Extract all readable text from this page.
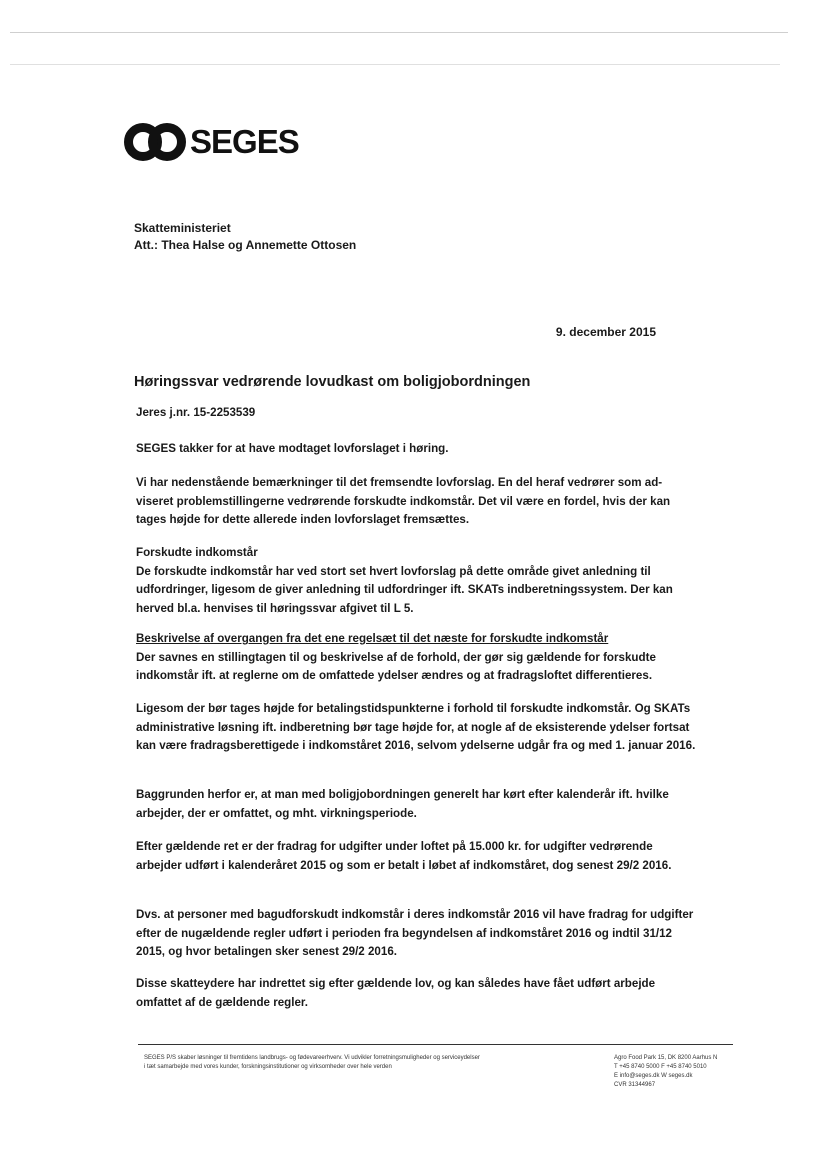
SEGES
Skatteministeriet
Att.: Thea Halse og Annemette Ottosen
9. december 2015
Høringssvar vedrørende lovudkast om boligjobordningen
Jeres j.nr. 15-2253539

SEGES takker for at have modtaget lovforslaget i høring.

Vi har nedenstående bemærkninger til det fremsendte lovforslag. En del heraf vedrører som ad-viseret problemstillingerne vedrørende forskudte indkomstår. Det vil være en fordel, hvis der kan tages højde for dette allerede inden lovforslaget fremsættes.

Forskudte indkomstår

De forskudte indkomstår har ved stort set hvert lovforslag på dette område givet anledning til udfordringer, ligesom de giver anledning til udfordringer ift. SKATs indberetningssystem. Der kan herved bl.a. henvises til høringssvar afgivet til L 5.

Beskrivelse af overgangen fra det ene regelsæt til det næste for forskudte indkomstår

Der savnes en stillingtagen til og beskrivelse af de forhold, der gør sig gældende for forskudte indkomstår ift. at reglerne om de omfattede ydelser ændres og at fradragsloftet differentieres.

Ligesom der bør tages højde for betalingstidspunkterne i forhold til forskudte indkomstår. Og SKATs administrative løsning ift. indberetning bør tage højde for, at nogle af de eksisterende ydelser fortsat kan være fradragsberettigede i indkomståret 2016, selvom ydelserne udgår fra og med 1. januar 2016.

Baggrunden herfor er, at man med boligjobordningen generelt har kørt efter kalenderår ift. hvilke arbejder, der er omfattet, og mht. virkningsperiode.

Efter gældende ret er der fradrag for udgifter under loftet på 15.000 kr. for udgifter vedrørende arbejder udført i kalenderåret 2015 og som er betalt i løbet af indkomståret, dog senest 29/2 2016.

Dvs. at personer med bagudforskudt indkomstår i deres indkomstår 2016 vil have fradrag for udgifter efter de nugældende regler udført i perioden fra begyndelsen af indkomståret 2016 og indtil 31/12 2015, og hvor betalingen sker senest 29/2 2016.

Disse skatteydere har indrettet sig efter gældende lov, og kan således have fået udført arbejde omfattet af de gældende regler.

SEGES P/S skaber løsninger til fremtidens landbrugs- og fødevareerhverv. Vi udvikler forretningsmuligheder og serviceydelser
i tæt samarbejde med vores kunder, forskningsinstitutioner og virksomheder over hele verden
Agro Food Park 15, DK 8200 Aarhus N
T +45 8740 5000 F +45 8740 5010
E info@seges.dk W seges.dk
CVR 31344967
